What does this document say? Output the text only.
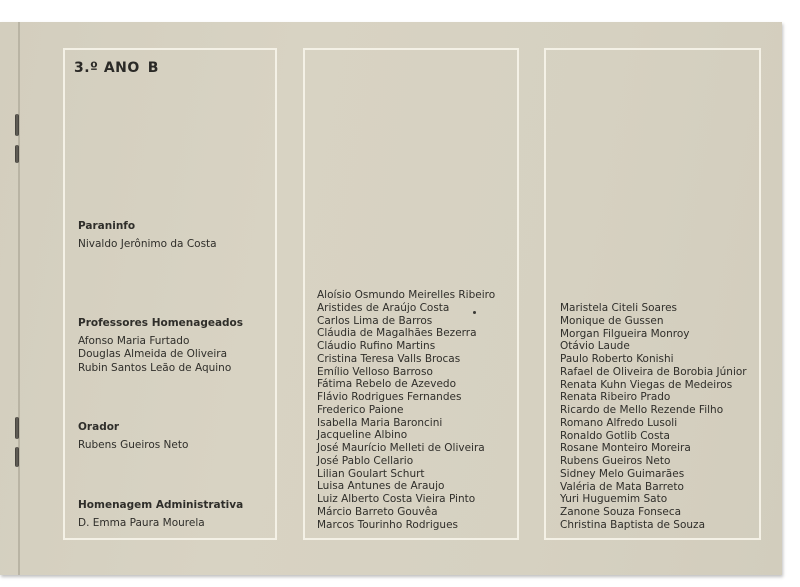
3.º ANO B
Paraninfo
Nivaldo Jerônimo da Costa
Professores Homenageados
Afonso Maria Furtado
Douglas Almeida de Oliveira
Rubin Santos Leão de Aquino
Orador
Rubens Gueiros Neto
Homenagem Administrativa
D. Emma Paura Mourela
Aloísio Osmundo Meirelles Ribeiro
Aristides de Araújo Costa
Carlos Lima de Barros
Cláudia de Magalhães Bezerra
Cláudio Rufino Martins
Cristina Teresa Valls Brocas
Emílio Velloso Barroso
Fátima Rebelo de Azevedo
Flávio Rodrigues Fernandes
Frederico Paione
Isabella Maria Baroncini
Jacqueline Albino
José Maurício Melleti de Oliveira
José Pablo Cellario
Lilian Goulart Schurt
Luisa Antunes de Araujo
Luiz Alberto Costa Vieira Pinto
Márcio Barreto Gouvêa
Marcos Tourinho Rodrigues
Maristela Citeli Soares
Monique de Gussen
Morgan Filgueira Monroy
Otávio Laude
Paulo Roberto Konishi
Rafael de Oliveira de Borobia Júnior
Renata Kuhn Viegas de Medeiros
Renata Ribeiro Prado
Ricardo de Mello Rezende Filho
Romano Alfredo Lusoli
Ronaldo Gotlib Costa
Rosane Monteiro Moreira
Rubens Gueiros Neto
Sidney Melo Guimarães
Valéria de Mata Barreto
Yuri Huguemim Sato
Zanone Souza Fonseca
Christina Baptista de Souza
